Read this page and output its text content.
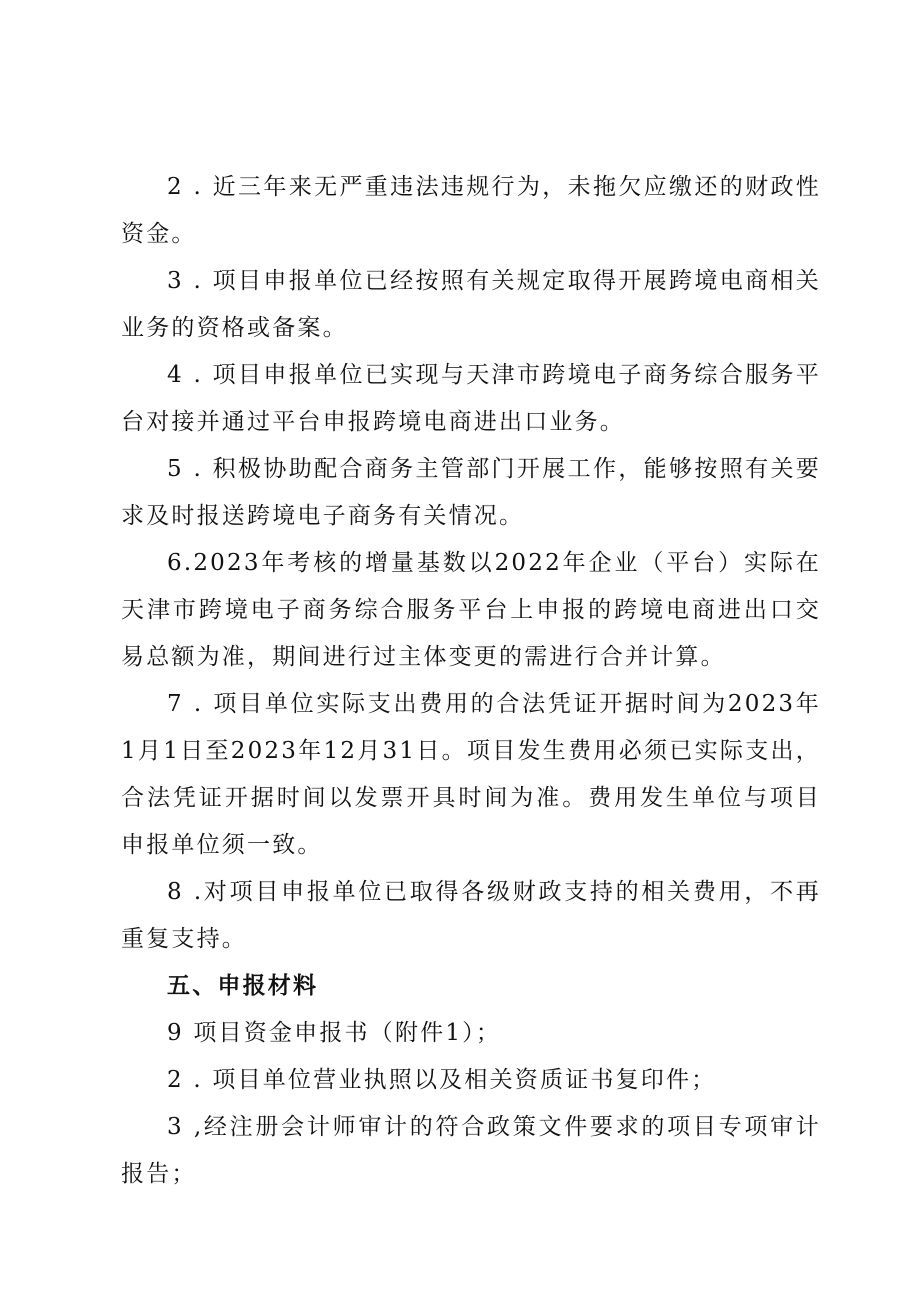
2 . 近三年来无严重违法违规行为，未拖欠应缴还的财政性资金。

3 . 项目申报单位已经按照有关规定取得开展跨境电商相关业务的资格或备案。

4 . 项目申报单位已实现与天津市跨境电子商务综合服务平台对接并通过平台申报跨境电商进出口业务。

5 . 积极协助配合商务主管部门开展工作，能够按照有关要求及时报送跨境电子商务有关情况。

6.2023年考核的增量基数以2022年企业（平台）实际在天津市跨境电子商务综合服务平台上申报的跨境电商进出口交易总额为准，期间进行过主体变更的需进行合并计算。

7 . 项目单位实际支出费用的合法凭证开据时间为2023年1月1日至2023年12月31日。项目发生费用必须已实际支出，合法凭证开据时间以发票开具时间为准。费用发生单位与项目申报单位须一致。

8 .对项目申报单位已取得各级财政支持的相关费用，不再重复支持。

五、申报材料

9 项目资金申报书（附件1）；

2 . 项目单位营业执照以及相关资质证书复印件；

3 ,经注册会计师审计的符合政策文件要求的项目专项审计报告；
